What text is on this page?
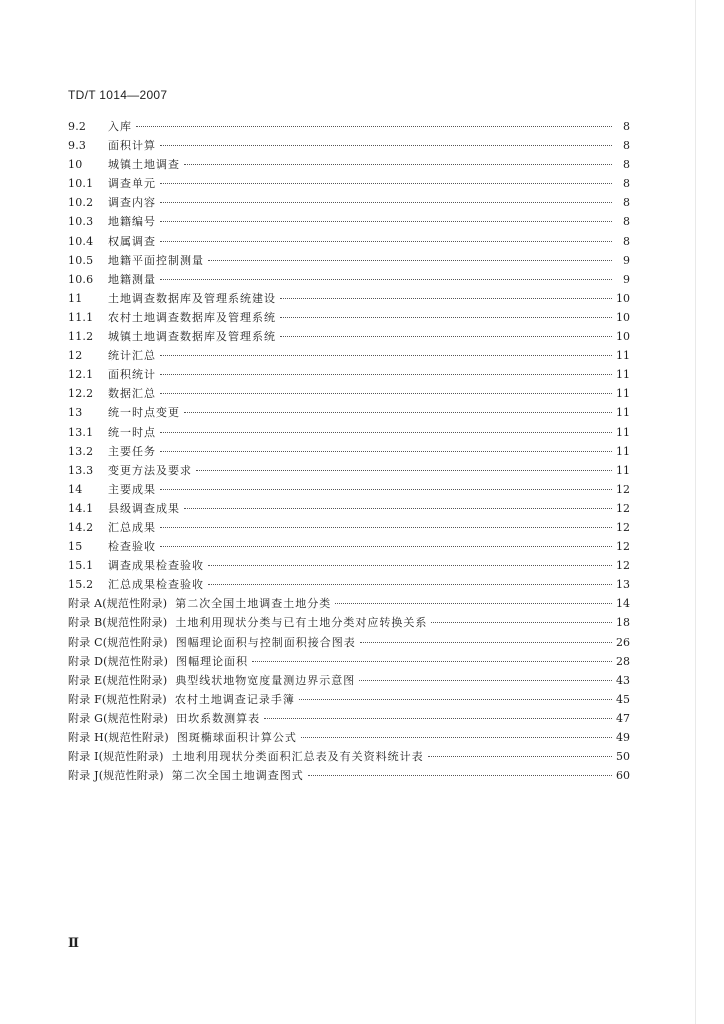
TD/T 1014—2007
9.2	入库	8
9.3	面积计算	8
10	城镇土地调查	8
10.1	调查单元	8
10.2	调查内容	8
10.3	地籍编号	8
10.4	权属调查	8
10.5	地籍平面控制测量	9
10.6	地籍测量	9
11	土地调查数据库及管理系统建设	10
11.1	农村土地调查数据库及管理系统	10
11.2	城镇土地调查数据库及管理系统	10
12	统计汇总	11
12.1	面积统计	11
12.2	数据汇总	11
13	统一时点变更	11
13.1	统一时点	11
13.2	主要任务	11
13.3	变更方法及要求	11
14	主要成果	12
14.1	县级调查成果	12
14.2	汇总成果	12
15	检查验收	12
15.1	调查成果检查验收	12
15.2	汇总成果检查验收	13
附录 A(规范性附录) 第二次全国土地调查土地分类	14
附录 B(规范性附录) 土地利用现状分类与已有土地分类对应转换关系	18
附录 C(规范性附录) 图幅理论面积与控制面积接合图表	26
附录 D(规范性附录) 图幅理论面积	28
附录 E(规范性附录) 典型线状地物宽度量测边界示意图	43
附录 F(规范性附录) 农村土地调查记录手簿	45
附录 G(规范性附录) 田坎系数测算表	47
附录 H(规范性附录) 图斑椭球面积计算公式	49
附录 I(规范性附录) 土地利用现状分类面积汇总表及有关资料统计表	50
附录 J(规范性附录) 第二次全国土地调查图式	60
Ⅱ
